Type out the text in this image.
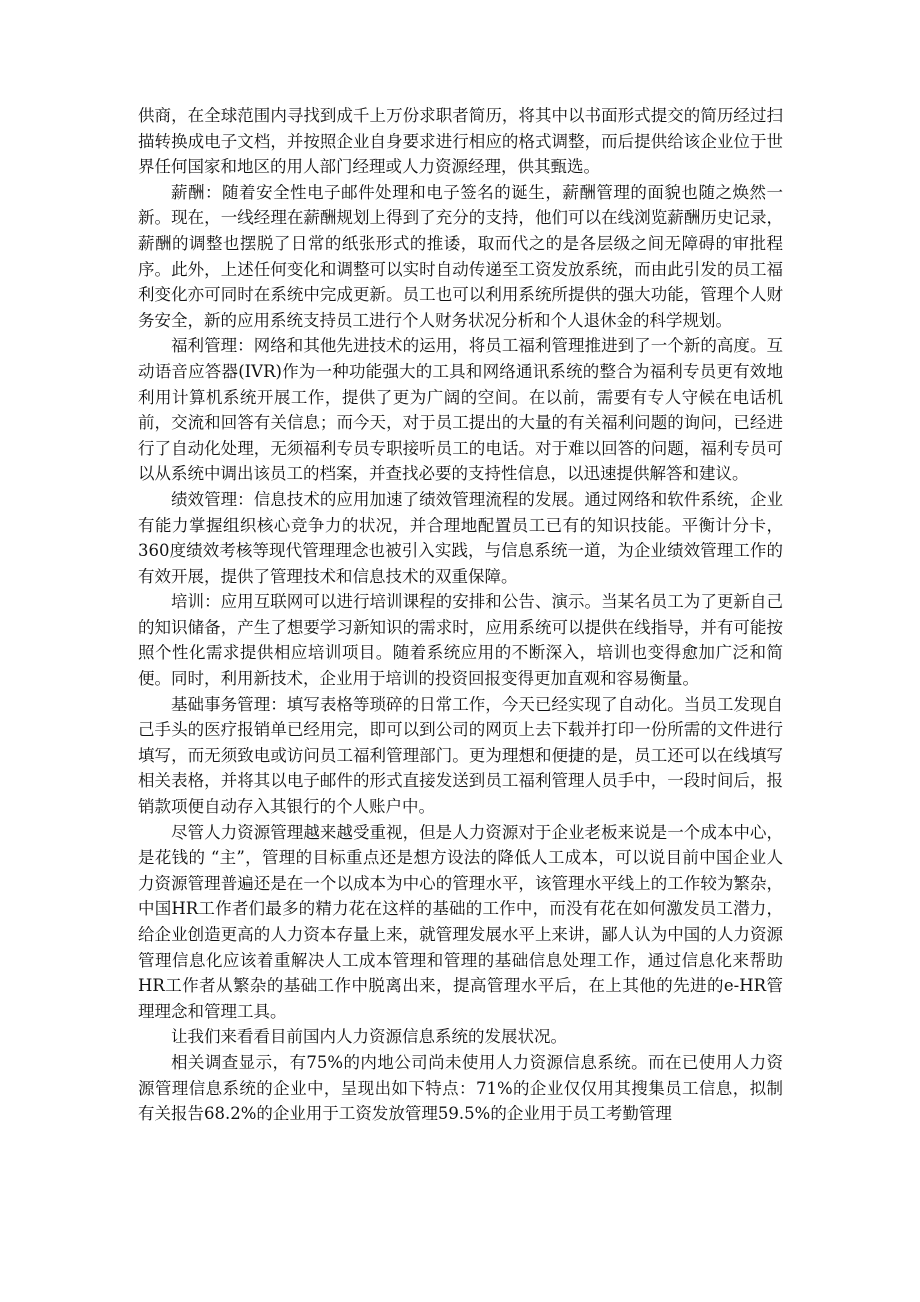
供商，在全球范围内寻找到成千上万份求职者简历，将其中以书面形式提交的简历经过扫描转换成电子文档，并按照企业自身要求进行相应的格式调整，而后提供给该企业位于世界任何国家和地区的用人部门经理或人力资源经理，供其甄选。

薪酬：随着安全性电子邮件处理和电子签名的诞生，薪酬管理的面貌也随之焕然一新。现在，一线经理在薪酬规划上得到了充分的支持，他们可以在线浏览薪酬历史记录，薪酬的调整也摆脱了日常的纸张形式的推诿，取而代之的是各层级之间无障碍的审批程序。此外，上述任何变化和调整可以实时自动传递至工资发放系统，而由此引发的员工福利变化亦可同时在系统中完成更新。员工也可以利用系统所提供的强大功能，管理个人财务安全，新的应用系统支持员工进行个人财务状况分析和个人退休金的科学规划。

福利管理：网络和其他先进技术的运用，将员工福利管理推进到了一个新的高度。互动语音应答器(IVR)作为一种功能强大的工具和网络通讯系统的整合为福利专员更有效地利用计算机系统开展工作，提供了更为广阔的空间。在以前，需要有专人守候在电话机前，交流和回答有关信息；而今天，对于员工提出的大量的有关福利问题的询问，已经进行了自动化处理，无须福利专员专职接听员工的电话。对于难以回答的问题，福利专员可以从系统中调出该员工的档案，并查找必要的支持性信息，以迅速提供解答和建议。

绩效管理：信息技术的应用加速了绩效管理流程的发展。通过网络和软件系统，企业有能力掌握组织核心竞争力的状况，并合理地配置员工已有的知识技能。平衡计分卡，360度绩效考核等现代管理理念也被引入实践，与信息系统一道，为企业绩效管理工作的有效开展，提供了管理技术和信息技术的双重保障。

培训：应用互联网可以进行培训课程的安排和公告、演示。当某名员工为了更新自己的知识储备，产生了想要学习新知识的需求时，应用系统可以提供在线指导，并有可能按照个性化需求提供相应培训项目。随着系统应用的不断深入，培训也变得愈加广泛和简便。同时，利用新技术，企业用于培训的投资回报变得更加直观和容易衡量。

基础事务管理：填写表格等琐碎的日常工作，今天已经实现了自动化。当员工发现自己手头的医疗报销单已经用完，即可以到公司的网页上去下载并打印一份所需的文件进行填写，而无须致电或访问员工福利管理部门。更为理想和便捷的是，员工还可以在线填写相关表格，并将其以电子邮件的形式直接发送到员工福利管理人员手中，一段时间后，报销款项便自动存入其银行的个人账户中。

尽管人力资源管理越来越受重视，但是人力资源对于企业老板来说是一个成本中心，是花钱的 “主”，管理的目标重点还是想方设法的降低人工成本，可以说目前中国企业人力资源管理普遍还是在一个以成本为中心的管理水平，该管理水平线上的工作较为繁杂，中国HR工作者们最多的精力花在这样的基础的工作中，而没有花在如何激发员工潜力，给企业创造更高的人力资本存量上来，就管理发展水平上来讲，鄙人认为中国的人力资源管理信息化应该着重解决人工成本管理和管理的基础信息处理工作，通过信息化来帮助HR工作者从繁杂的基础工作中脱离出来，提高管理水平后，在上其他的先进的e-HR管理理念和管理工具。

让我们来看看目前国内人力资源信息系统的发展状况。

相关调查显示，有75%的内地公司尚未使用人力资源信息系统。而在已使用人力资源管理信息系统的企业中，呈现出如下特点：71%的企业仅仅用其搜集员工信息，拟制有关报告68.2%的企业用于工资发放管理59.5%的企业用于员工考勤管理
